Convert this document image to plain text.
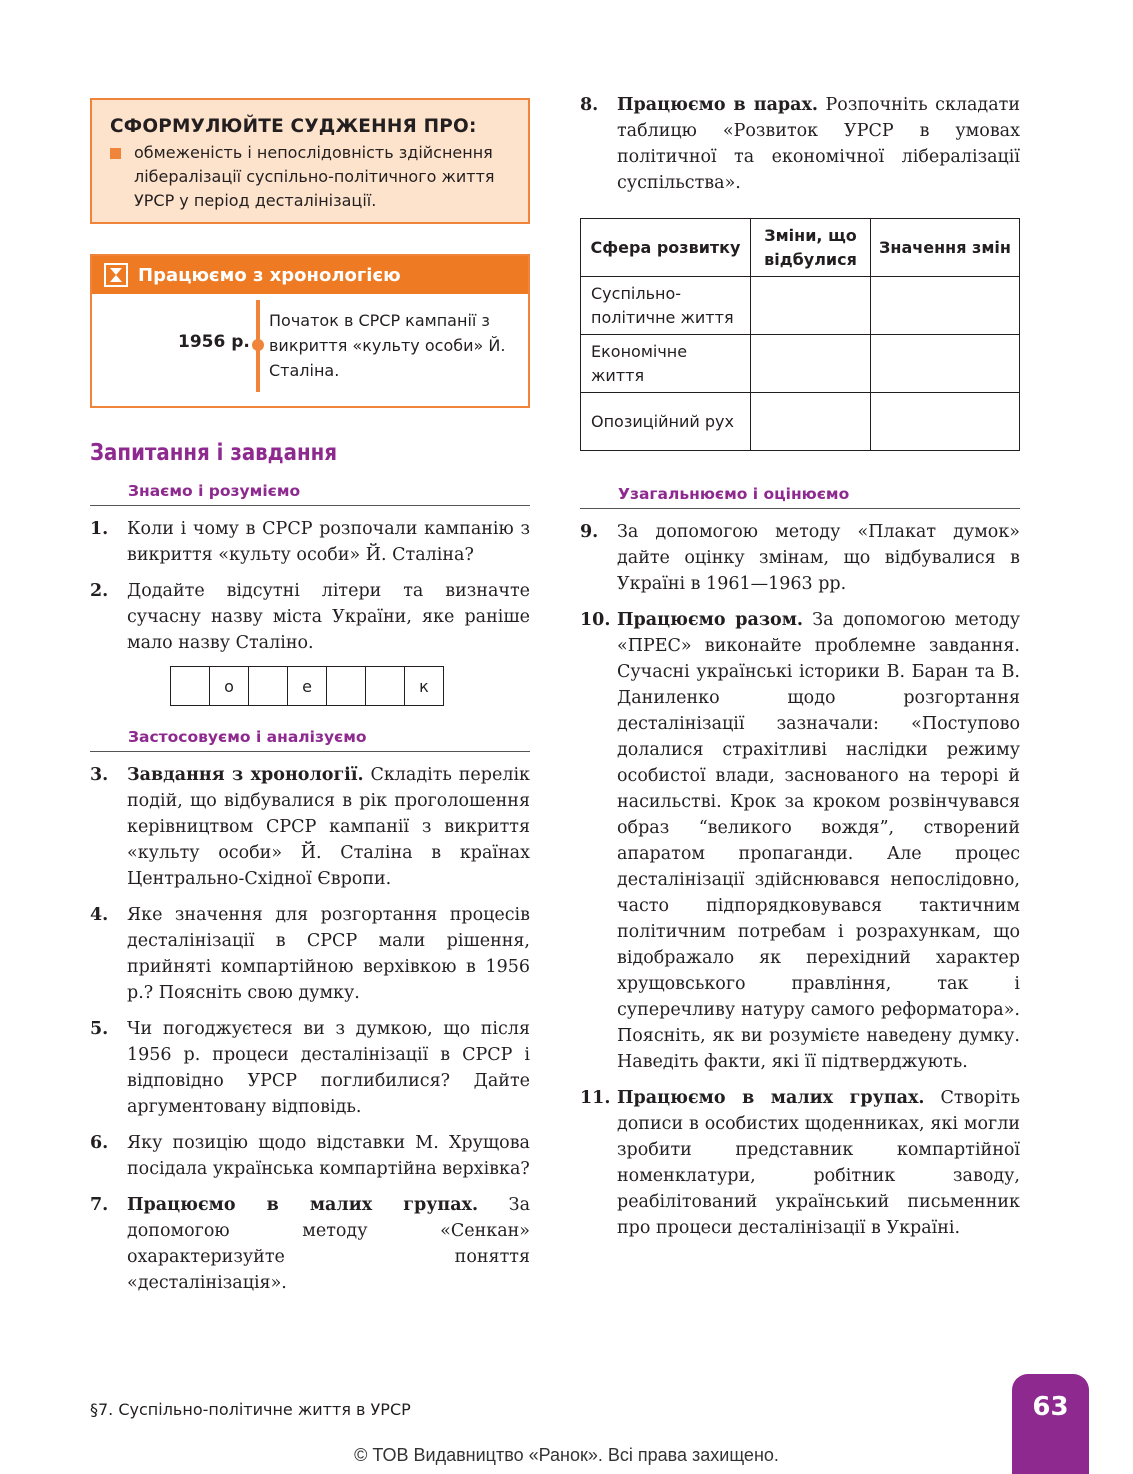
СФОРМУЛЮЙТЕ СУДЖЕННЯ ПРО:
обмеженість і непослідовність здійснення лібералізації суспільно-політичного життя УРСР у період десталінізації.
Працюємо з хронологією
1956 р.
Початок в СРСР кампанії з викриття «культу особи» Й. Сталіна.
Запитання і завдання
Знаємо і розуміємо
1.	Коли і чому в СРСР розпочали кампанію з викриття «культу особи» Й. Сталіна?
2.	Додайте відсутні літери та визначте сучасну назву міста України, яке раніше мало назву Сталіно.
о	е	к
Застосовуємо і аналізуємо
3.	Завдання з хронології. Складіть перелік подій, що відбувалися в рік проголошення керівництвом СРСР кампанії з викриття «культу особи» Й. Сталіна в країнах Центрально-Східної Європи.
4.	Яке значення для розгортання процесів десталінізації в СРСР мали рішення, прийняті компартійною верхівкою в 1956 р.? Поясніть свою думку.
5.	Чи погоджуєтеся ви з думкою, що після 1956 р. процеси десталінізації в СРСР і відповідно УРСР поглибилися? Дайте аргументовану відповідь.
6.	Яку позицію щодо відставки М. Хрущова посідала українська компартійна верхівка?
7.	Працюємо в малих групах. За допомогою методу «Сенкан» охарактеризуйте поняття «десталінізація».
8.	Працюємо в парах. Розпочніть складати таблицю «Розвиток УРСР в умовах політичної та економічної лібералізації суспільства».
Сфера розвитку	Зміни, що відбулися	Значення змін
Суспільно-політичне життя		
Економічне життя		
Опозиційний рух		
Узагальнюємо і оцінюємо
9.	За допомогою методу «Плакат думок» дайте оцінку змінам, що відбувалися в Україні в 1961—1963 рр.
10. Працюємо разом. За допомогою методу «ПРЕС» виконайте проблемне завдання. Сучасні українські історики В. Баран та В. Даниленко щодо розгортання десталінізації зазначали: «Поступово долалися страхітливі наслідки режиму особистої влади, заснованого на терорі й насильстві. Крок за кроком розвінчувався образ “великого вождя”, створений апаратом пропаганди. Але процес десталінізації здійснювався непослідовно, часто підпорядковувався тактичним політичним потребам і розрахункам, що відображало як перехідний характер хрущовського правління, так і суперечливу натуру самого реформатора». Поясніть, як ви розумієте наведену думку. Наведіть факти, які її підтверджують.
11. Працюємо в малих групах. Створіть дописи в особистих щоденниках, які могли зробити представник компартійної номенклатури, робітник заводу, реабілітований український письменник про процеси десталінізації в Україні.
§7. Суспільно-політичне життя в УРСР	63
© ТОВ Видавництво «Ранок». Всі права захищено.
